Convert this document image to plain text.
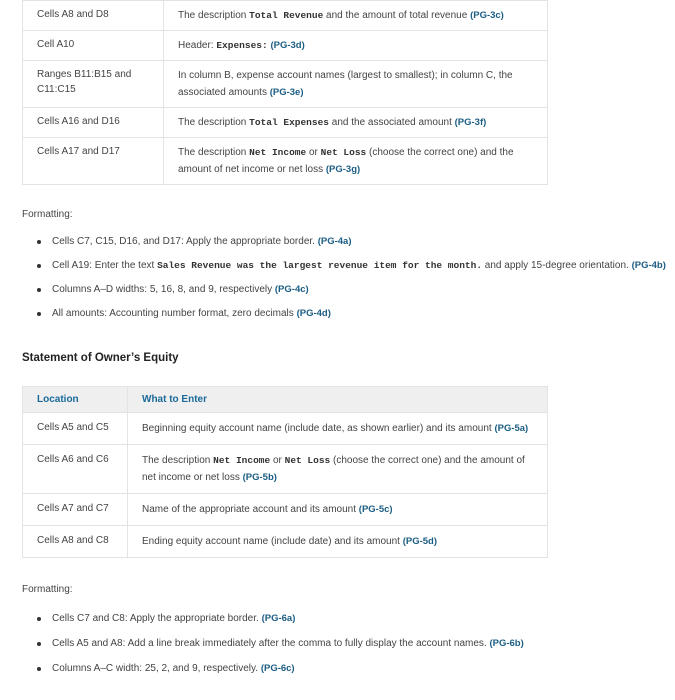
Cells A8 and D8	The description Total Revenue and the amount of total revenue (PG-3c)
Cell A10	Header: Expenses: (PG-3d)
Ranges B11:B15 and C11:C15	In column B, expense account names (largest to smallest); in column C, the associated amounts (PG-3e)
Cells A16 and D16	The description Total Expenses and the associated amount (PG-3f)
Cells A17 and D17	The description Net Income or Net Loss (choose the correct one) and the amount of net income or net loss (PG-3g)

Formatting:

Cells C7, C15, D16, and D17: Apply the appropriate border. (PG-4a)
Cell A19: Enter the text Sales Revenue was the largest revenue item for the month. and apply 15-degree orientation. (PG-4b)
Columns A–D widths: 5, 16, 8, and 9, respectively (PG-4c)
All amounts: Accounting number format, zero decimals (PG-4d)
Statement of Owner’s Equity
Location	What to Enter
Cells A5 and C5	Beginning equity account name (include date, as shown earlier) and its amount (PG-5a)
Cells A6 and C6	The description Net Income or Net Loss (choose the correct one) and the amount of net income or net loss (PG-5b)
Cells A7 and C7	Name of the appropriate account and its amount (PG-5c)
Cells A8 and C8	Ending equity account name (include date) and its amount (PG-5d)

Formatting:

Cells C7 and C8: Apply the appropriate border. (PG-6a)
Cells A5 and A8: Add a line break immediately after the comma to fully display the account names. (PG-6b)
Columns A–C width: 25, 2, and 9, respectively. (PG-6c)
